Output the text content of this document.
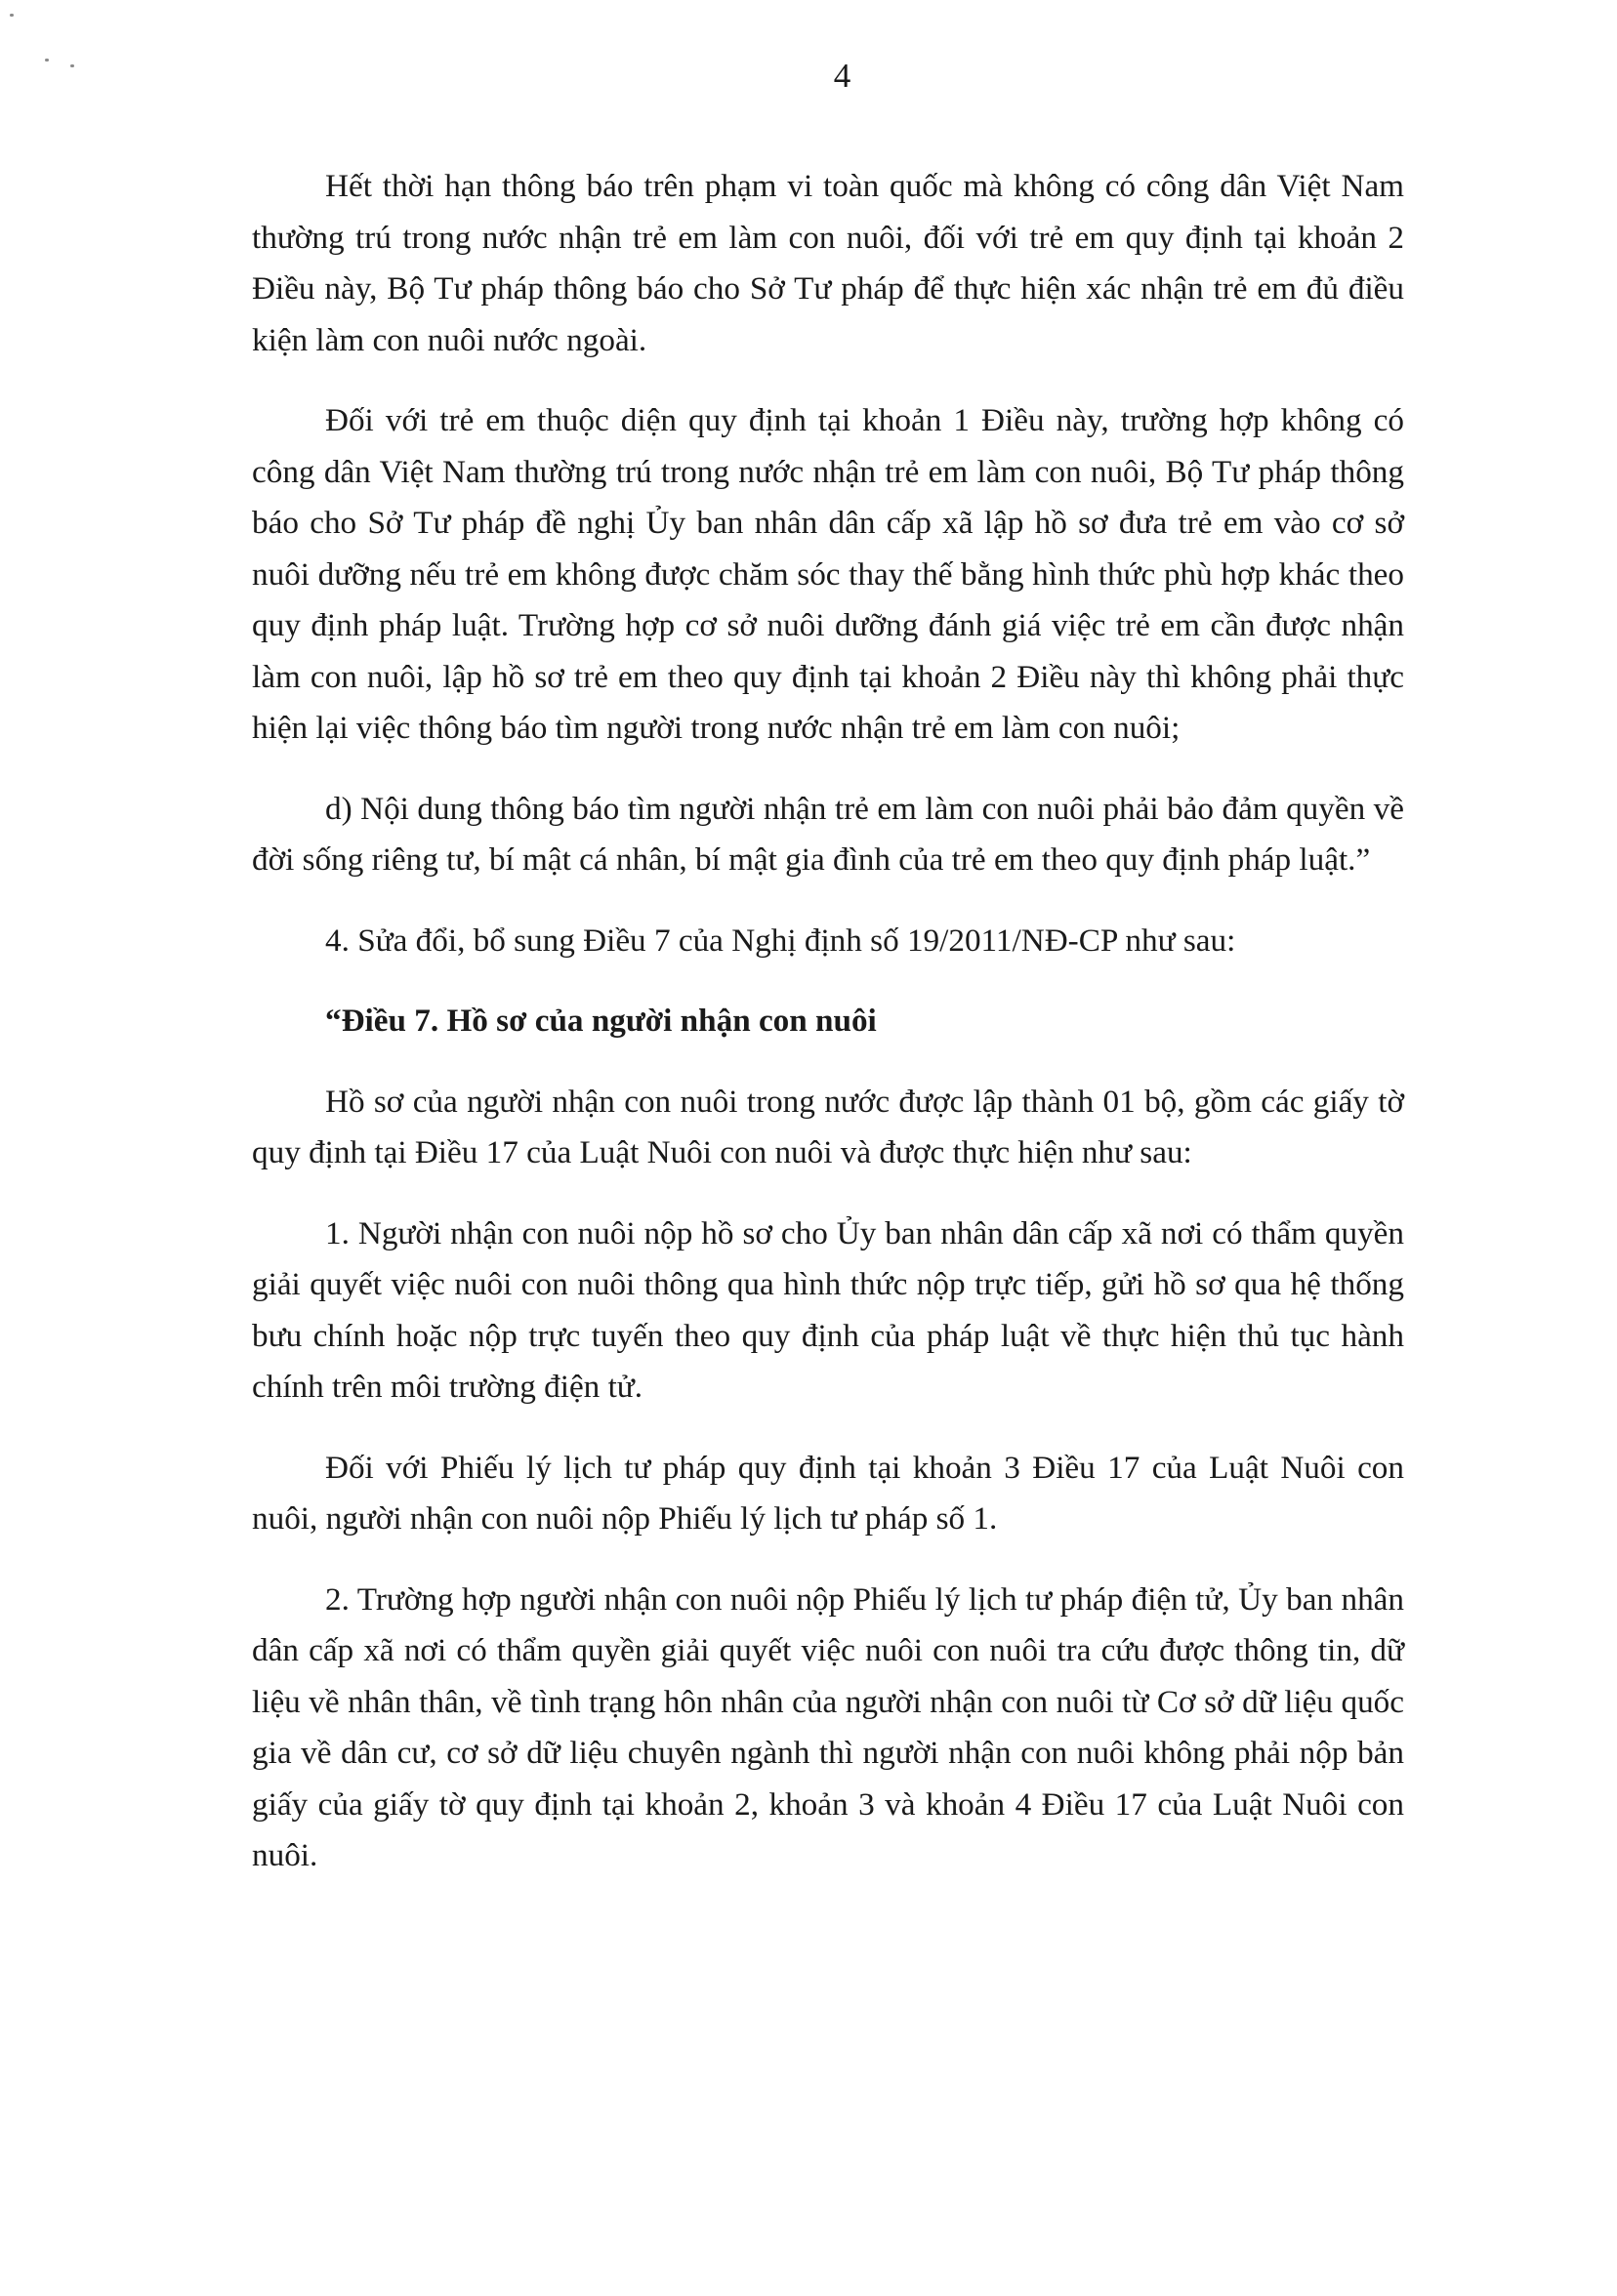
4

Hết thời hạn thông báo trên phạm vi toàn quốc mà không có công dân Việt Nam thường trú trong nước nhận trẻ em làm con nuôi, đối với trẻ em quy định tại khoản 2 Điều này, Bộ Tư pháp thông báo cho Sở Tư pháp để thực hiện xác nhận trẻ em đủ điều kiện làm con nuôi nước ngoài.

Đối với trẻ em thuộc diện quy định tại khoản 1 Điều này, trường hợp không có công dân Việt Nam thường trú trong nước nhận trẻ em làm con nuôi, Bộ Tư pháp thông báo cho Sở Tư pháp đề nghị Ủy ban nhân dân cấp xã lập hồ sơ đưa trẻ em vào cơ sở nuôi dưỡng nếu trẻ em không được chăm sóc thay thế bằng hình thức phù hợp khác theo quy định pháp luật. Trường hợp cơ sở nuôi dưỡng đánh giá việc trẻ em cần được nhận làm con nuôi, lập hồ sơ trẻ em theo quy định tại khoản 2 Điều này thì không phải thực hiện lại việc thông báo tìm người trong nước nhận trẻ em làm con nuôi;

d) Nội dung thông báo tìm người nhận trẻ em làm con nuôi phải bảo đảm quyền về đời sống riêng tư, bí mật cá nhân, bí mật gia đình của trẻ em theo quy định pháp luật.”

4. Sửa đổi, bổ sung Điều 7 của Nghị định số 19/2011/NĐ-CP như sau:

“Điều 7. Hồ sơ của người nhận con nuôi

Hồ sơ của người nhận con nuôi trong nước được lập thành 01 bộ, gồm các giấy tờ quy định tại Điều 17 của Luật Nuôi con nuôi và được thực hiện như sau:

1. Người nhận con nuôi nộp hồ sơ cho Ủy ban nhân dân cấp xã nơi có thẩm quyền giải quyết việc nuôi con nuôi thông qua hình thức nộp trực tiếp, gửi hồ sơ qua hệ thống bưu chính hoặc nộp trực tuyến theo quy định của pháp luật về thực hiện thủ tục hành chính trên môi trường điện tử.

Đối với Phiếu lý lịch tư pháp quy định tại khoản 3 Điều 17 của Luật Nuôi con nuôi, người nhận con nuôi nộp Phiếu lý lịch tư pháp số 1.

2. Trường hợp người nhận con nuôi nộp Phiếu lý lịch tư pháp điện tử, Ủy ban nhân dân cấp xã nơi có thẩm quyền giải quyết việc nuôi con nuôi tra cứu được thông tin, dữ liệu về nhân thân, về tình trạng hôn nhân của người nhận con nuôi từ Cơ sở dữ liệu quốc gia về dân cư, cơ sở dữ liệu chuyên ngành thì người nhận con nuôi không phải nộp bản giấy của giấy tờ quy định tại khoản 2, khoản 3 và khoản 4 Điều 17 của Luật Nuôi con nuôi.
